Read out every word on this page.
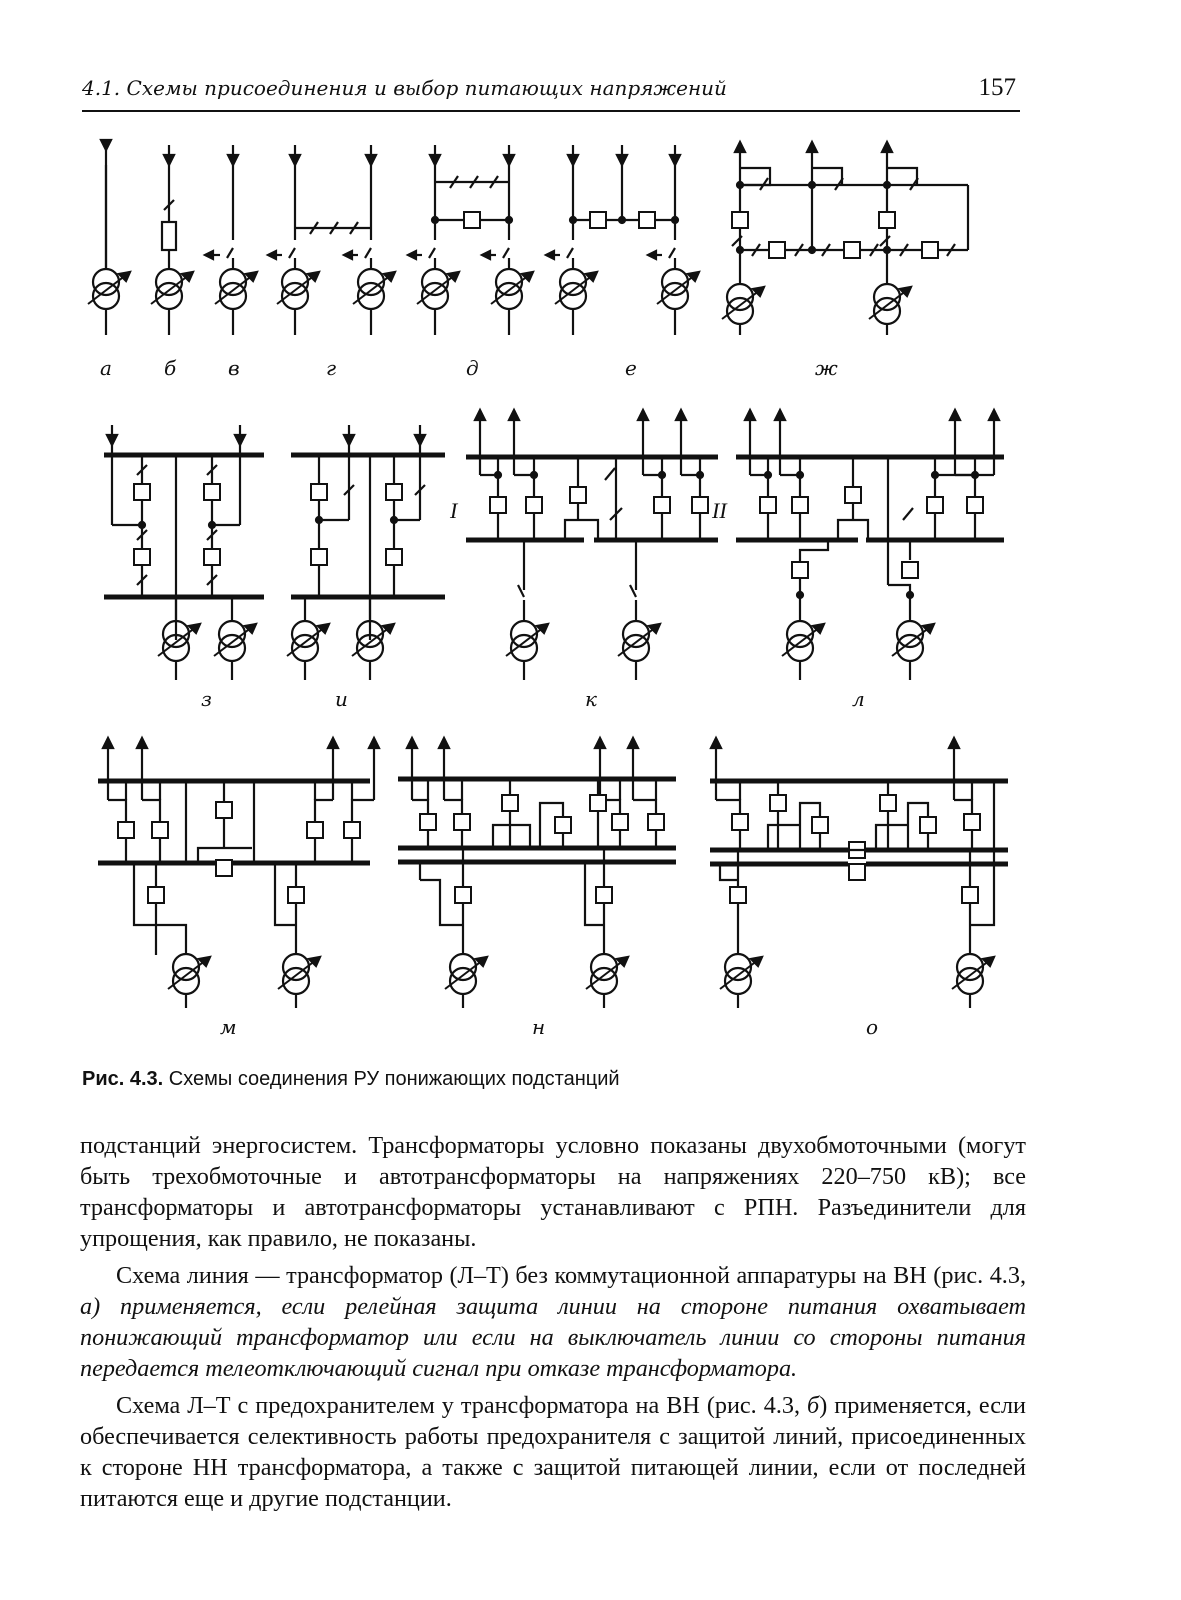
4.1. Схемы присоединения и выбор питающих напряжений	157
а	б	в	г	д	е	ж
з	и	к	л
м	н	о
I	II
Рис. 4.3. Схемы соединения РУ понижающих подстанций

подстанций энергосистем. Трансформаторы условно показаны двухобмоточными (могут быть трехобмоточные и автотрансформаторы на напряжениях 220–750 кВ); все трансформаторы и автотрансформаторы устанавливают с РПН. Разъединители для упрощения, как правило, не показаны.

Схема линия — трансформатор (Л–Т) без коммутационной аппаратуры на ВН (рис. 4.3, а) применяется, если релейная защита линии на стороне питания охватывает понижающий трансформатор или если на выключатель линии со стороны питания передается телеотключающий сигнал при отказе трансформатора.

Схема Л–Т с предохранителем у трансформатора на ВН (рис. 4.3, б) применяется, если обеспечивается селективность работы предохранителя с защитой линий, присоединенных к стороне НН трансформатора, а также с защитой питающей линии, если от последней питаются еще и другие подстанции.
